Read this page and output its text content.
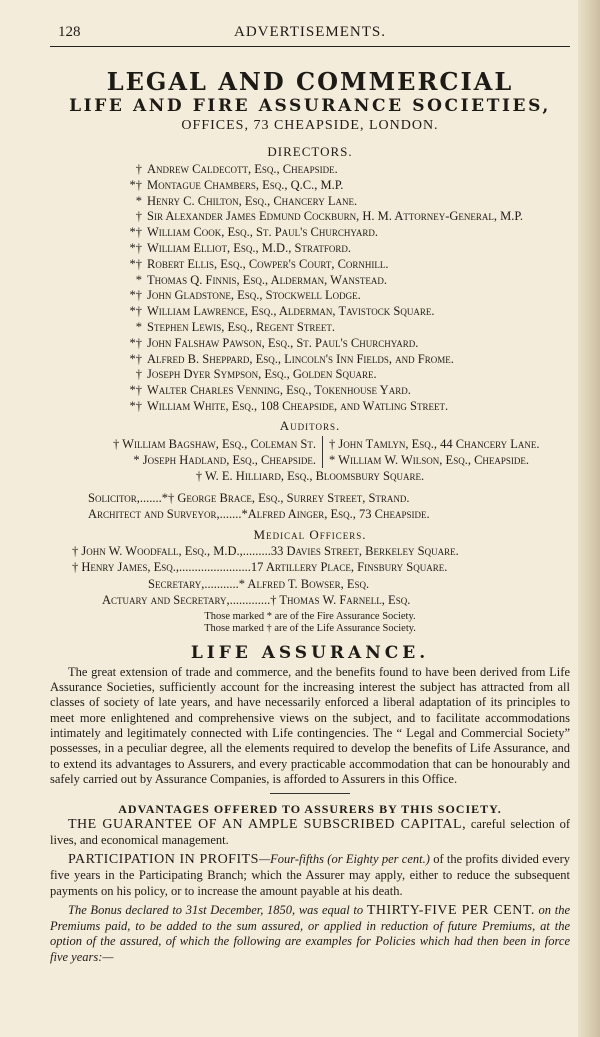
128	ADVERTISEMENTS.
LEGAL AND COMMERCIAL
LIFE AND FIRE ASSURANCE SOCIETIES,
OFFICES, 73 CHEAPSIDE, LONDON.
DIRECTORS.
† Andrew Caldecott, Esq., Cheapside.
*† Montague Chambers, Esq., Q.C., M.P.
* Henry C. Chilton, Esq., Chancery Lane.
† Sir Alexander James Edmund Cockburn, H. M. Attorney-General, M.P.
*† William Cook, Esq., St. Paul's Churchyard.
*† William Elliot, Esq., M.D., Stratford.
*† Robert Ellis, Esq., Cowper's Court, Cornhill.
* Thomas Q. Finnis, Esq., Alderman, Wanstead.
*† John Gladstone, Esq., Stockwell Lodge.
*† William Lawrence, Esq., Alderman, Tavistock Square.
* Stephen Lewis, Esq., Regent Street.
*† John Falshaw Pawson, Esq., St. Paul's Churchyard.
*† Alfred B. Sheppard, Esq., Lincoln's Inn Fields, and Frome.
† Joseph Dyer Sympson, Esq., Golden Square.
*† Walter Charles Venning, Esq., Tokenhouse Yard.
*† William White, Esq., 108 Cheapside, and Watling Street.
Auditors.
† William Bagshaw, Esq., Coleman St.
* Joseph Hadland, Esq., Cheapside.
† John Tamlyn, Esq., 44 Chancery Lane.
* William W. Wilson, Esq., Cheapside.
† W. E. Hilliard, Esq., Bloomsbury Square.
Solicitor,.......*† George Brace, Esq., Surrey Street, Strand.
Architect and Surveyor,.......*Alfred Ainger, Esq., 73 Cheapside.
Medical Officers.
† John W. Woodfall, Esq., M.D.,.........33 Davies Street, Berkeley Square.
† Henry James, Esq.,.......................17 Artillery Place, Finsbury Square.
Secretary,...........* Alfred T. Bowser, Esq.
Actuary and Secretary,.............† Thomas W. Farnell, Esq.
Those marked * are of the Fire Assurance Society.
Those marked † are of the Life Assurance Society.
LIFE ASSURANCE.
The great extension of trade and commerce, and the benefits found to have been derived from Life Assurance Societies, sufficiently account for the increasing interest the subject has attracted from all classes of society of late years, and have necessarily enforced a liberal adaptation of its principles to meet more enlightened and comprehensive views on the subject, and to facilitate accommodations intimately and legitimately connected with Life contingencies. The “ Legal and Commercial Society” possesses, in a peculiar degree, all the elements required to develop the benefits of Life Assurance, and to extend its advantages to Assurers, and every practicable accommodation that can be honourably and safely carried out by Assurance Companies, is afforded to Assurers in this Office.
ADVANTAGES OFFERED TO ASSURERS BY THIS SOCIETY.
THE GUARANTEE OF AN AMPLE SUBSCRIBED CAPITAL, careful selection of lives, and economical management.
PARTICIPATION IN PROFITS—Four-fifths (or Eighty per cent.) of the profits divided every five years in the Participating Branch; which the Assurer may apply, either to reduce the subsequent payments on his policy, or to increase the amount payable at his death.
The Bonus declared to 31st December, 1850, was equal to THIRTY-FIVE PER CENT. on the Premiums paid, to be added to the sum assured, or applied in reduction of future Premiums, at the option of the assured, of which the following are examples for Policies which had then been in force five years:—
